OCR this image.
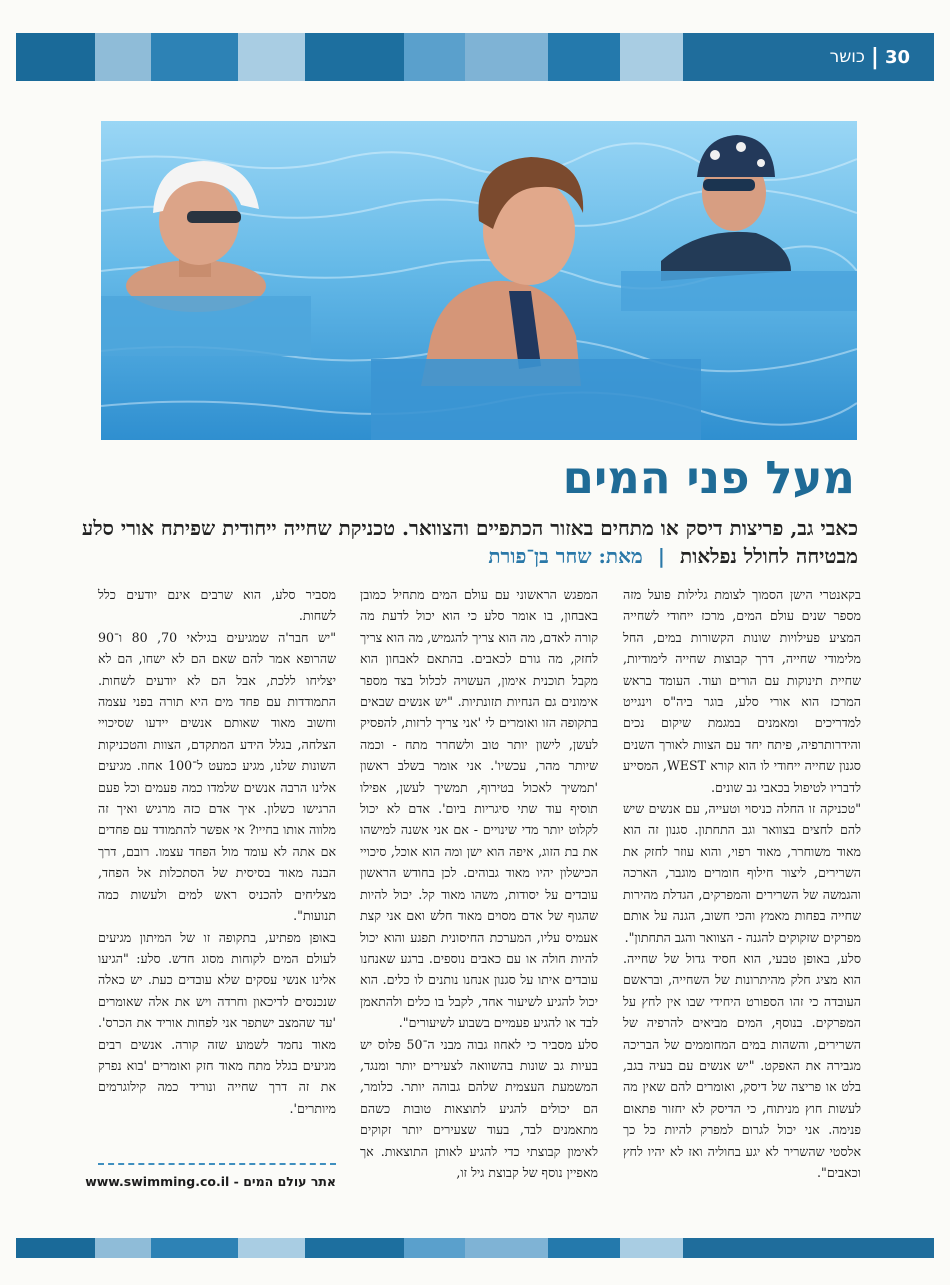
30
|
כושר
מעל פני המים
כאבי גב, פריצות דיסק או מתחים באזור הכתפיים והצוואר. טכניקת שחייה ייחודית שפיתח אורי סלע מבטיחה לחולל נפלאות | מאת: שחר בן־פורת

בקאנטרי הישן הסמוך לצומת גלילות פועל מזה מספר שנים עולם המים, מרכז ייחודי לשחייה המציע פעילויות שונות הקשורות במים, החל מלימודי שחייה, דרך קבוצות שחייה לימודיות, שחיית תינוקות עם הורים ועוד. העומד בראש המרכז הוא אורי סלע, בוגר ביה"ס וינגייט למדריכים ומאמנים במגמת שיקום נכים והידרותרפיה, פיתח יחד עם הצוות לאורך השנים סגנון שחייה ייחודי לו הוא קורא WEST, המסייע לדבריו לטיפול בכאבי גב שונים.

"טכניקה זו החלה כניסוי וטעייה, עם אנשים שיש להם לחצים בצוואר וגב התחתון. סגנון זה הוא מאוד משוחרר, מאוד רפוי, והוא עוזר לחזק את השרירים, ליצור חילוף חומרים מוגבר, הארכה והגמשה של השרירים והמפרקים, הגדלת מהירות שחייה בפחות מאמץ והכי חשוב, הגנה על אותם מפרקים שזקוקים להגנה - הצוואר והגב התחתון".

סלע, באופן טבעי, הוא חסיד גדול של שחייה. הוא מציג חלק מהיתרונות של השחייה, ובראשם העובדה כי זהו הספורט היחידי שבו אין לחץ על המפרקים. בנוסף, המים מביאים להרפיה של השרירים, והשהות במים המחוממים של הבריכה מגבירה את האפקט. "יש אנשים עם בעיה בגב, בלט או פריצה של דיסק, ואומרים להם שאין מה לעשות חוץ מניתוח, כי הדיסק לא יחזור פתאום פנימה. אני יכול לגרום למפרק להיות כל כך אלסטי שהשריר לא יגע בחוליה ואז לא יהיו לחץ וכאבים".

המפגש הראשוני עם עולם המים מתחיל כמובן באבחון, בו אומר סלע כי הוא יכול לדעת מה קורה לאדם, מה הוא צריך להגמיש, מה הוא צריך לחזק, מה גורם לכאבים. בהתאם לאבחון הוא מקבל תוכנית אימון, העשויה לכלול בצד מספר אימונים גם הנחיות תזונתיות. "יש אנשים שבאים בתקופה הזו ואומרים לי 'אני צריך לרזות, להפסיק לעשן, לישון יותר טוב ולשחרר מתח - וכמה שיותר מהר, עכשיו'. אני אומר בשלב ראשון 'תמשיך לאכול בטירוף, תמשיך לעשן, אפילו תוסיף עוד שתי סיגריות ביום'. אדם לא יכול לקלוט יותר מדי שינויים - אם אני אשנה למישהו את בת הזוג, איפה הוא ישן ומה הוא אוכל, סיכויי הכישלון יהיו מאוד גבוהים. לכן בחודש הראשון עובדים על יסודות, משהו מאוד קל. יכול להיות שהגוף של אדם מסוים מאוד חלש ואם אני קצת אעמיס עליו, המערכת החיסונית תפגע והוא יכול להיות חולה או עם כאבים נוספים. ברגע שאנחנו עובדים איתו על סגנון אנחנו נותנים לו כלים. הוא יכול להגיע לשיעור אחד, לקבל בו כלים ולהתאמן לבד או להגיע פעמיים בשבוע לשיעורים".

סלע מסביר כי לאחוז גבוה מבני ה־50 פלוס יש בעיות גב שונות בהשוואה לצעירים יותר ומנגד, המשמעת העצמית שלהם גבוהה יותר. כלומר, הם יכולים להגיע לתוצאות טובות כשהם מתאמנים לבד, בעוד שצעירים יותר זקוקים לאימון קבוצתי כדי להגיע לאותן התוצאות. אך מאפיין נוסף של קבוצת גיל זו,

מסביר סלע, הוא שרבים אינם יודעים כלל לשחות.

"יש חבר'ה שמגיעים בגילאי 70, 80 ו־90 שהרופא אמר להם שאם הם לא ישחו, הם לא יצליחו ללכת, אבל הם לא יודעים לשחות. התמודדות עם פחד מים היא תורה בפני עצמה וחשוב מאוד שאותם אנשים יידעו שסיכויי הצלחה, בגלל הידע המתקדם, הצוות והטכניקות השונות שלנו, מגיע כמעט ל־100 אחוז. מגיעים אלינו הרבה אנשים שלמדו כמה פעמים וכל פעם הרגישו כשלון. איך אדם כזה מרגיש ואיך זה מלווה אותו בחייו? אי אפשר להתמודד עם פחדים אם אתה לא עומד מול הפחד עצמו. רובם, דרך הבנה מאוד בסיסית של הסתכלות אל הפחד, מצליחים להכניס ראש למים ולעשות כמה תנועות".

באופן מפתיע, בתקופה זו של המיתון מגיעים לעולם המים לקוחות מסוג חדש. סלע: "הגיעו אלינו אנשי עסקים שלא עובדים כעת. יש כאלה שנכנסים לדיכאון וחרדה ויש את אלה שאומרים 'עד שהמצב ישתפר אני לפחות אוריד את הכרס'. מאוד נחמד לשמוע שזה קורה. אנשים רבים מגיעים בגלל מתח מאוד חזק ואומרים 'בוא נפרק את זה דרך שחייה ונוריד כמה קילוגרמים מיותרים'.

אתר עולם המים - www.swimming.co.il
